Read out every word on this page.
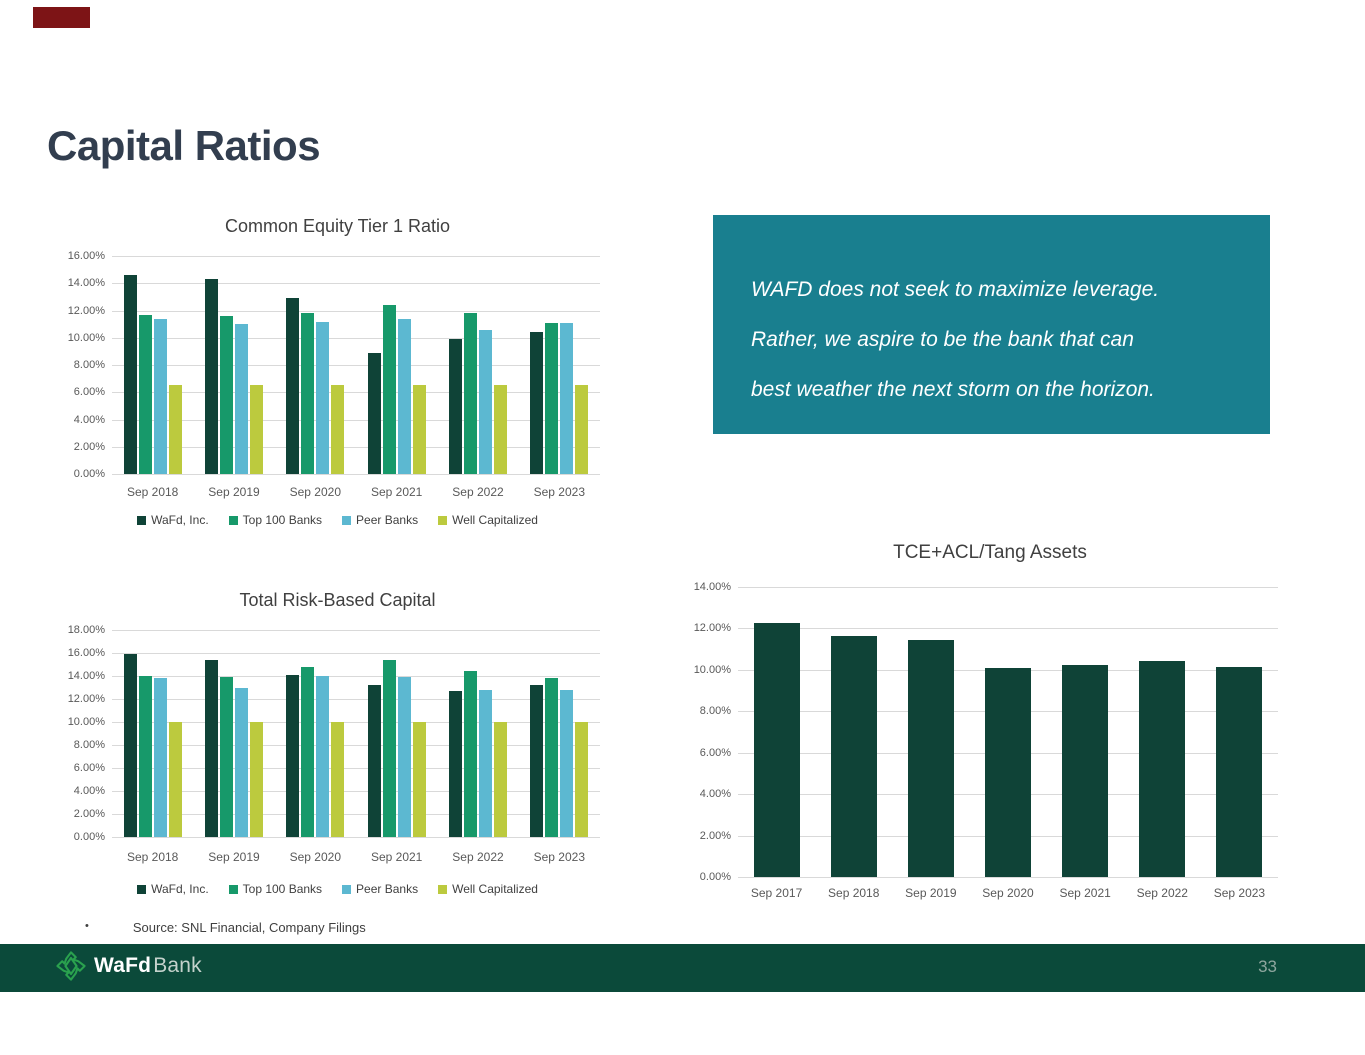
Capital Ratios
Common Equity Tier 1 Ratio
0.00%
2.00%
4.00%
6.00%
8.00%
10.00%
12.00%
14.00%
16.00%
Sep 2018	Sep 2019	Sep 2020	Sep 2021	Sep 2022	Sep 2023
WaFd, Inc.	Top 100 Banks	Peer Banks	Well Capitalized
Total Risk-Based Capital
0.00%
2.00%
4.00%
6.00%
8.00%
10.00%
12.00%
14.00%
16.00%
18.00%
Sep 2018	Sep 2019	Sep 2020	Sep 2021	Sep 2022	Sep 2023
WaFd, Inc.	Top 100 Banks	Peer Banks	Well Capitalized
TCE+ACL/Tang Assets
0.00%
2.00%
4.00%
6.00%
8.00%
10.00%
12.00%
14.00%
Sep 2017	Sep 2018	Sep 2019	Sep 2020	Sep 2021	Sep 2022	Sep 2023

WAFD does not seek to maximize leverage.

Rather, we aspire to be the bank that can

best weather the next storm on the horizon.

•	Source: SNL Financial, Company Filings
WaFd Bank	33
